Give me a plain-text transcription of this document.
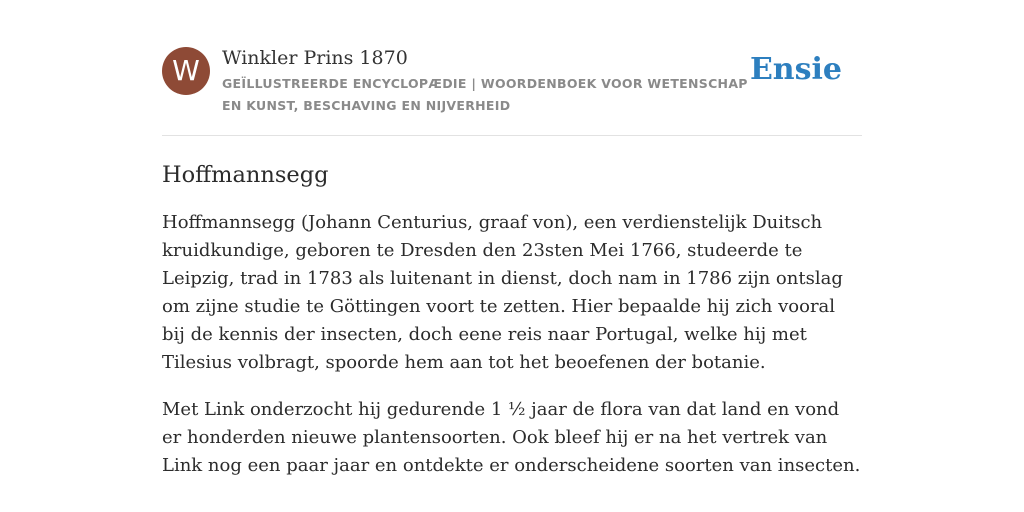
W	Winkler Prins 1870
GEÏLLUSTREERDE ENCYCLOPÆDIE | WOORDENBOEK VOOR WETENSCHAP EN KUNST, BESCHAVING EN NIJVERHEID
Ensie
Hoffmannsegg

Hoffmannsegg (Johann Centurius, graaf von), een verdienstelijk Duitsch kruidkundige, geboren te Dresden den 23sten Mei 1766, studeerde te Leipzig, trad in 1783 als luitenant in dienst, doch nam in 1786 zijn ontslag om zijne studie te Göttingen voort te zetten. Hier bepaalde hij zich vooral bij de kennis der insecten, doch eene reis naar Portugal, welke hij met Tilesius volbragt, spoorde hem aan tot het beoefenen der botanie.

Met Link onderzocht hij gedurende 1 ½ jaar de flora van dat land en vond er honderden nieuwe plantensoorten. Ook bleef hij er na het vertrek van Link nog een paar jaar en ontdekte er onderscheidene soorten van insecten.
